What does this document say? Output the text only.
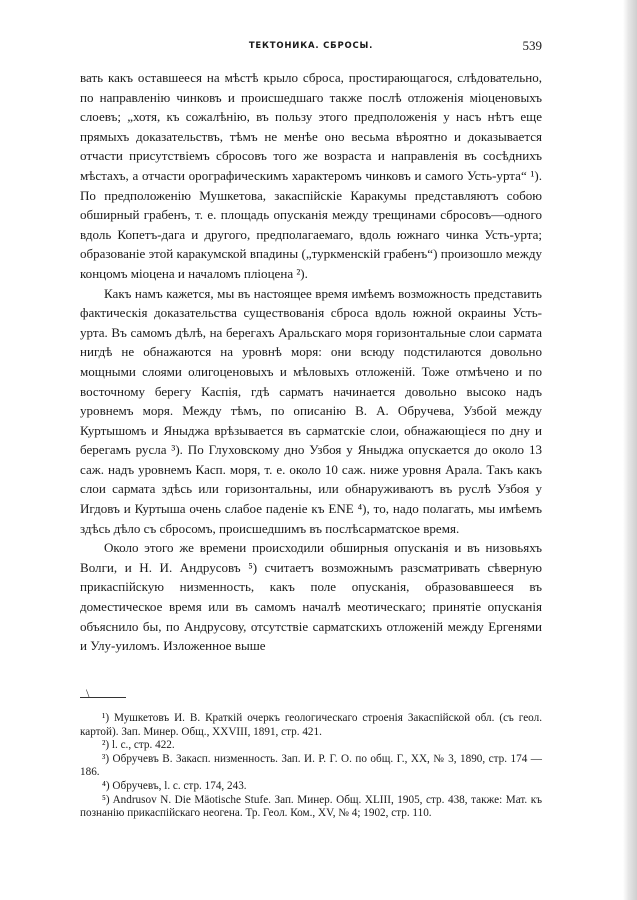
ТЕКТОНИКА. СБРОСЫ.	539

вать какъ оставшееся на мѣстѣ крыло сброса, простирающагося, слѣдовательно, по направленію чинковъ и происшедшаго также послѣ отложенія міоценовыхъ слоевъ; „хотя, къ сожалѣнію, въ пользу этого предположенія у насъ нѣтъ еще прямыхъ доказательствъ, тѣмъ не менѣе оно весьма вѣроятно и доказывается отчасти присутствіемъ сбросовъ того же возраста и направленія въ сосѣднихъ мѣстахъ, а отчасти орографическимъ характеромъ чинковъ и самого Усть-урта“ ¹). По предположенію Мушкетова, закаспійскіе Каракумы представляютъ собою обширный грабенъ, т. е. площадь опусканія между трещинами сбросовъ—одного вдоль Копетъ-дага и другого, предполагаемаго, вдоль южнаго чинка Усть-урта; образованіе этой каракумской впадины („туркменскій грабенъ“) произошло между концомъ міоцена и началомъ пліоцена ²).

Какъ намъ кажется, мы въ настоящее время имѣемъ возможность представить фактическія доказательства существованія сброса вдоль южной окраины Усть-урта. Въ самомъ дѣлѣ, на берегахъ Аральскаго моря горизонтальные слои сармата нигдѣ не обнажаются на уровнѣ моря: они всюду подстилаются довольно мощными слоями олигоценовыхъ и мѣловыхъ отложеній. Тоже отмѣчено и по восточному берегу Каспія, гдѣ сарматъ начинается довольно высоко надъ уровнемъ моря. Между тѣмъ, по описанію В. А. Обручева, Узбой между Куртышомъ и Яныджа врѣзывается въ сарматскіе слои, обнажающіеся по дну и берегамъ русла ³). По Глуховскому дно Узбоя у Яныджа опускается до около 13 саж. надъ уровнемъ Касп. моря, т. е. около 10 саж. ниже уровня Арала. Такъ какъ слои сармата здѣсь или горизонтальны, или обнаруживаютъ въ руслѣ Узбоя у Игдовъ и Куртыша очень слабое паденіе къ ENE ⁴), то, надо полагать, мы имѣемъ здѣсь дѣло съ сбросомъ, происшедшимъ въ послѣсарматское время.

Около этого же времени происходили обширныя опусканія и въ низовьяхъ Волги, и Н. И. Андрусовъ ⁵) считаетъ возможнымъ разсматривать сѣверную прикаспійскую низменность, какъ поле опусканія, образовавшееся въ доместическое время или въ самомъ началѣ меотическаго; принятіе опусканія объяснило бы, по Андрусову, отсутствіе сарматскихъ отложеній между Ергенями и Улу-уиломъ. Изложенное выше

\

¹) Мушкетовъ И. В. Краткій очеркъ геологическаго строенія Закаспійской обл. (съ геол. картой). Зап. Минер. Общ., XXVIII, 1891, стр. 421.

²) l. c., стр. 422.

³) Обручевъ В. Закасп. низменность. Зап. И. Р. Г. О. по общ. Г., XX, № 3, 1890, стр. 174 — 186.

⁴) Обручевъ, l. c. стр. 174, 243.

⁵) Andrusov N. Die Mäotische Stufe. Зап. Минер. Общ. XLIII, 1905, стр. 438, также: Мат. къ познанію прикаспійскаго неогена. Тр. Геол. Ком., XV, № 4; 1902, стр. 110.
